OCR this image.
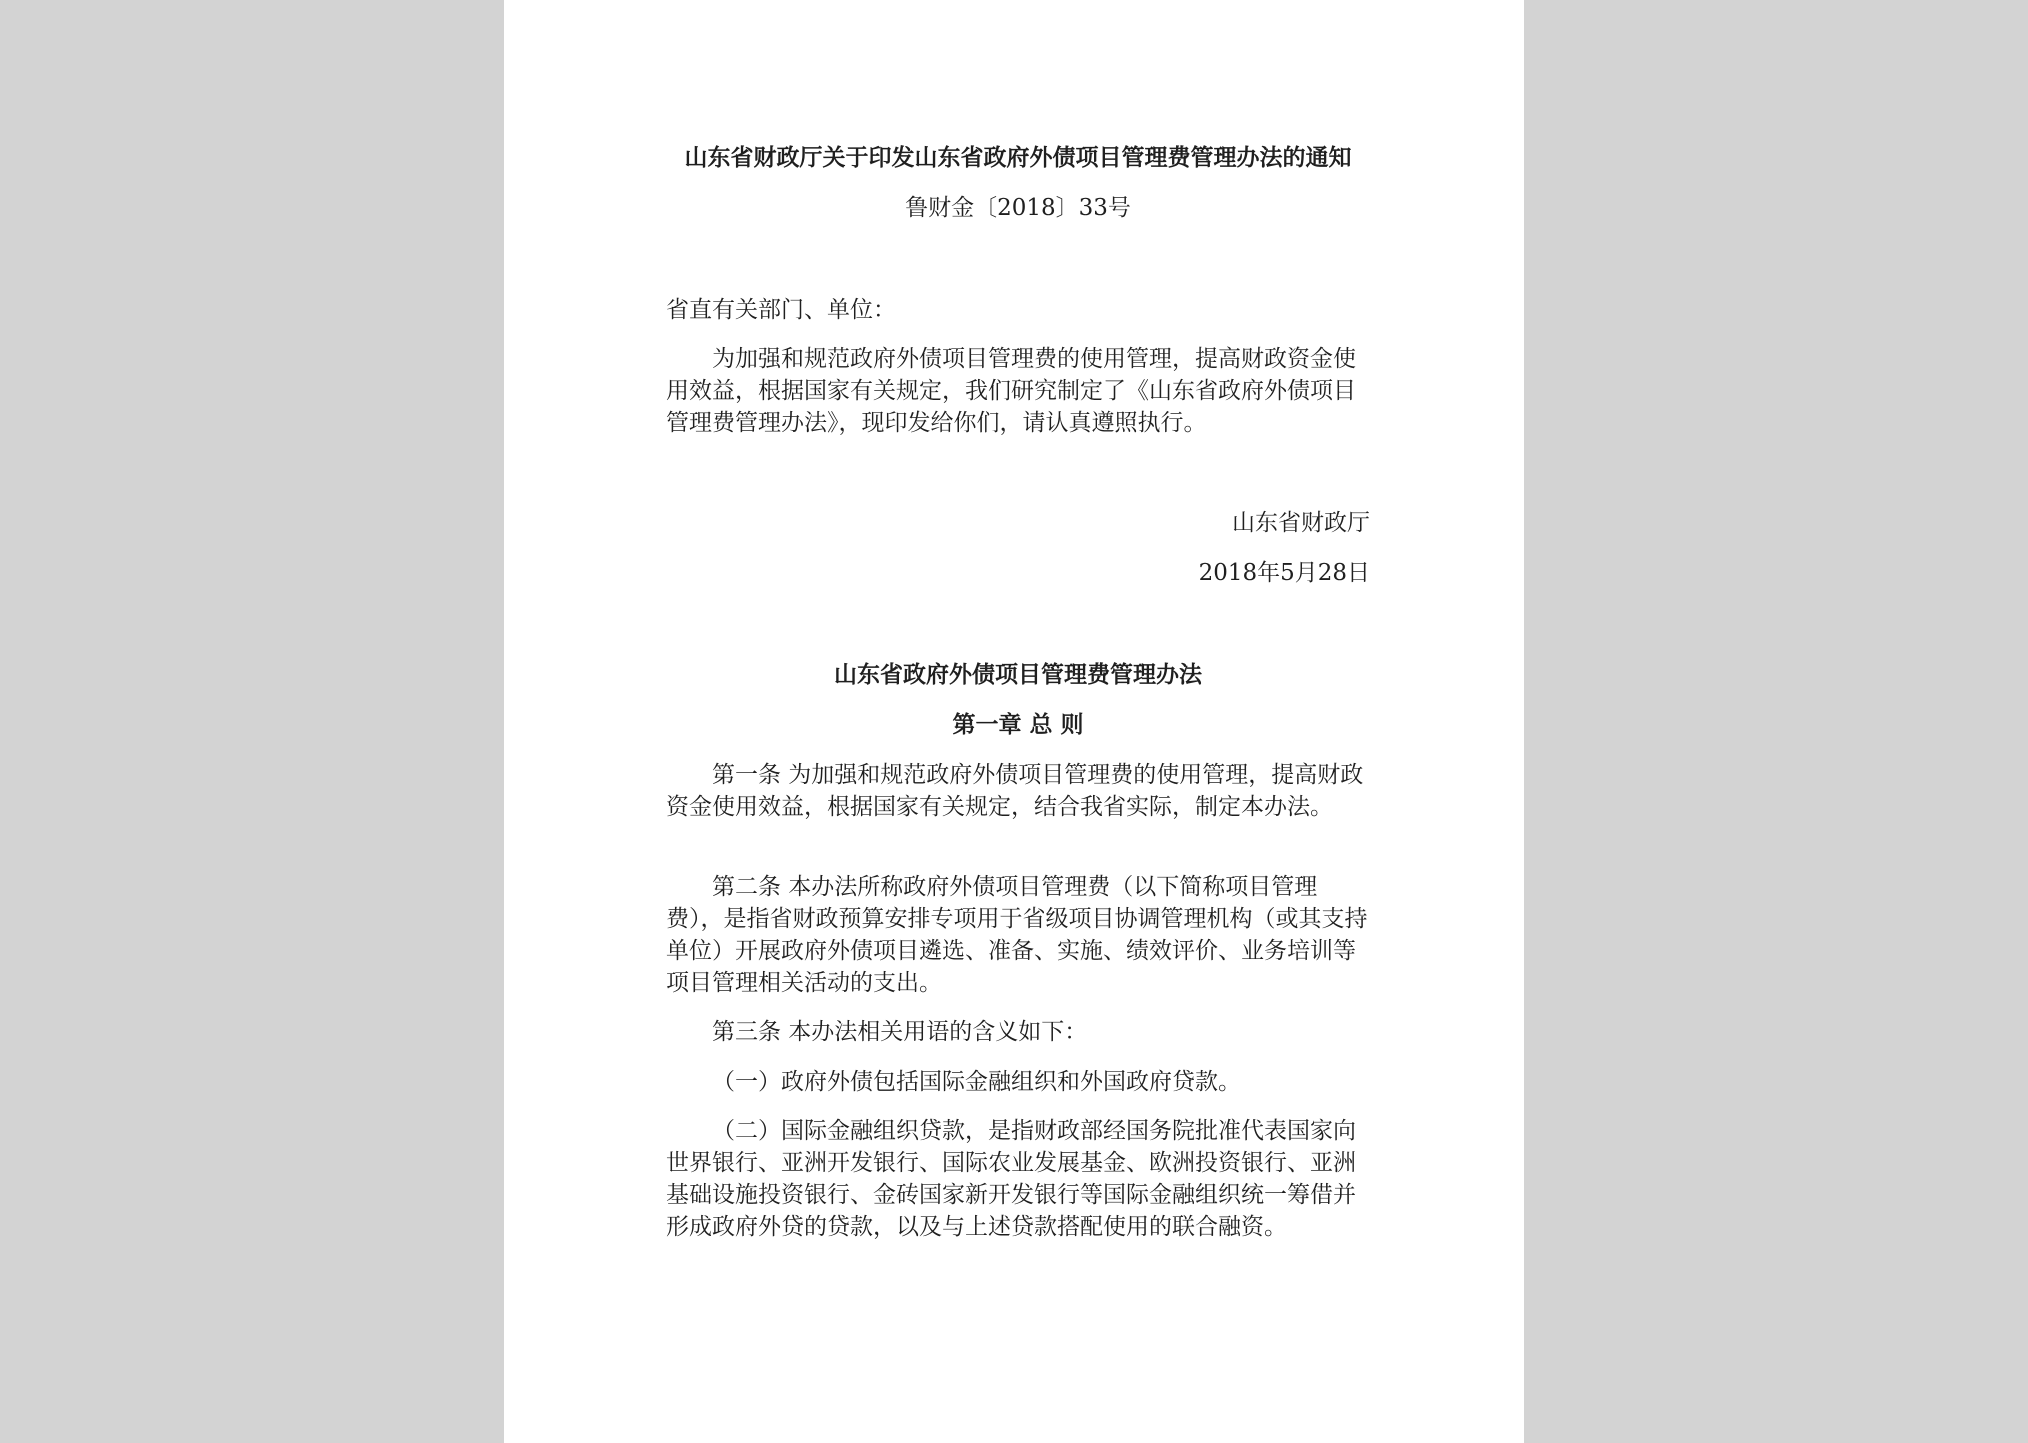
山东省财政厅关于印发山东省政府外债项目管理费管理办法的通知

鲁财金〔2018〕33号

省直有关部门、单位：

为加强和规范政府外债项目管理费的使用管理，提高财政资金使用效益，根据国家有关规定，我们研究制定了《山东省政府外债项目管理费管理办法》，现印发给你们，请认真遵照执行。

山东省财政厅

2018年5月28日

山东省政府外债项目管理费管理办法

第一章 总 则

第一条 为加强和规范政府外债项目管理费的使用管理，提高财政资金使用效益，根据国家有关规定，结合我省实际，制定本办法。

第二条 本办法所称政府外债项目管理费（以下简称项目管理费），是指省财政预算安排专项用于省级项目协调管理机构（或其支持单位）开展政府外债项目遴选、准备、实施、绩效评价、业务培训等项目管理相关活动的支出。

第三条 本办法相关用语的含义如下：

（一）政府外债包括国际金融组织和外国政府贷款。

（二）国际金融组织贷款，是指财政部经国务院批准代表国家向世界银行、亚洲开发银行、国际农业发展基金、欧洲投资银行、亚洲基础设施投资银行、金砖国家新开发银行等国际金融组织统一筹借并形成政府外贷的贷款，以及与上述贷款搭配使用的联合融资。
